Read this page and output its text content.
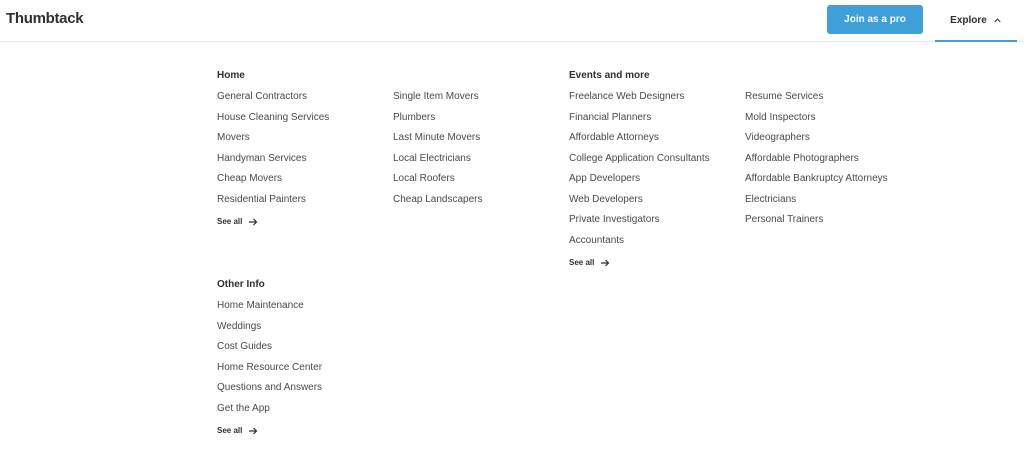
Thumbtack	Join as a pro	Explore
Home
General Contractors
House Cleaning Services
Movers
Handyman Services
Cheap Movers
Residential Painters
See all
Single Item Movers
Plumbers
Last Minute Movers
Local Electricians
Local Roofers
Cheap Landscapers
Events and more
Freelance Web Designers
Financial Planners
Affordable Attorneys
College Application Consultants
App Developers
Web Developers
Private Investigators
Accountants
See all
Resume Services
Mold Inspectors
Videographers
Affordable Photographers
Affordable Bankruptcy Attorneys
Electricians
Personal Trainers
Other Info
Home Maintenance
Weddings
Cost Guides
Home Resource Center
Questions and Answers
Get the App
See all
